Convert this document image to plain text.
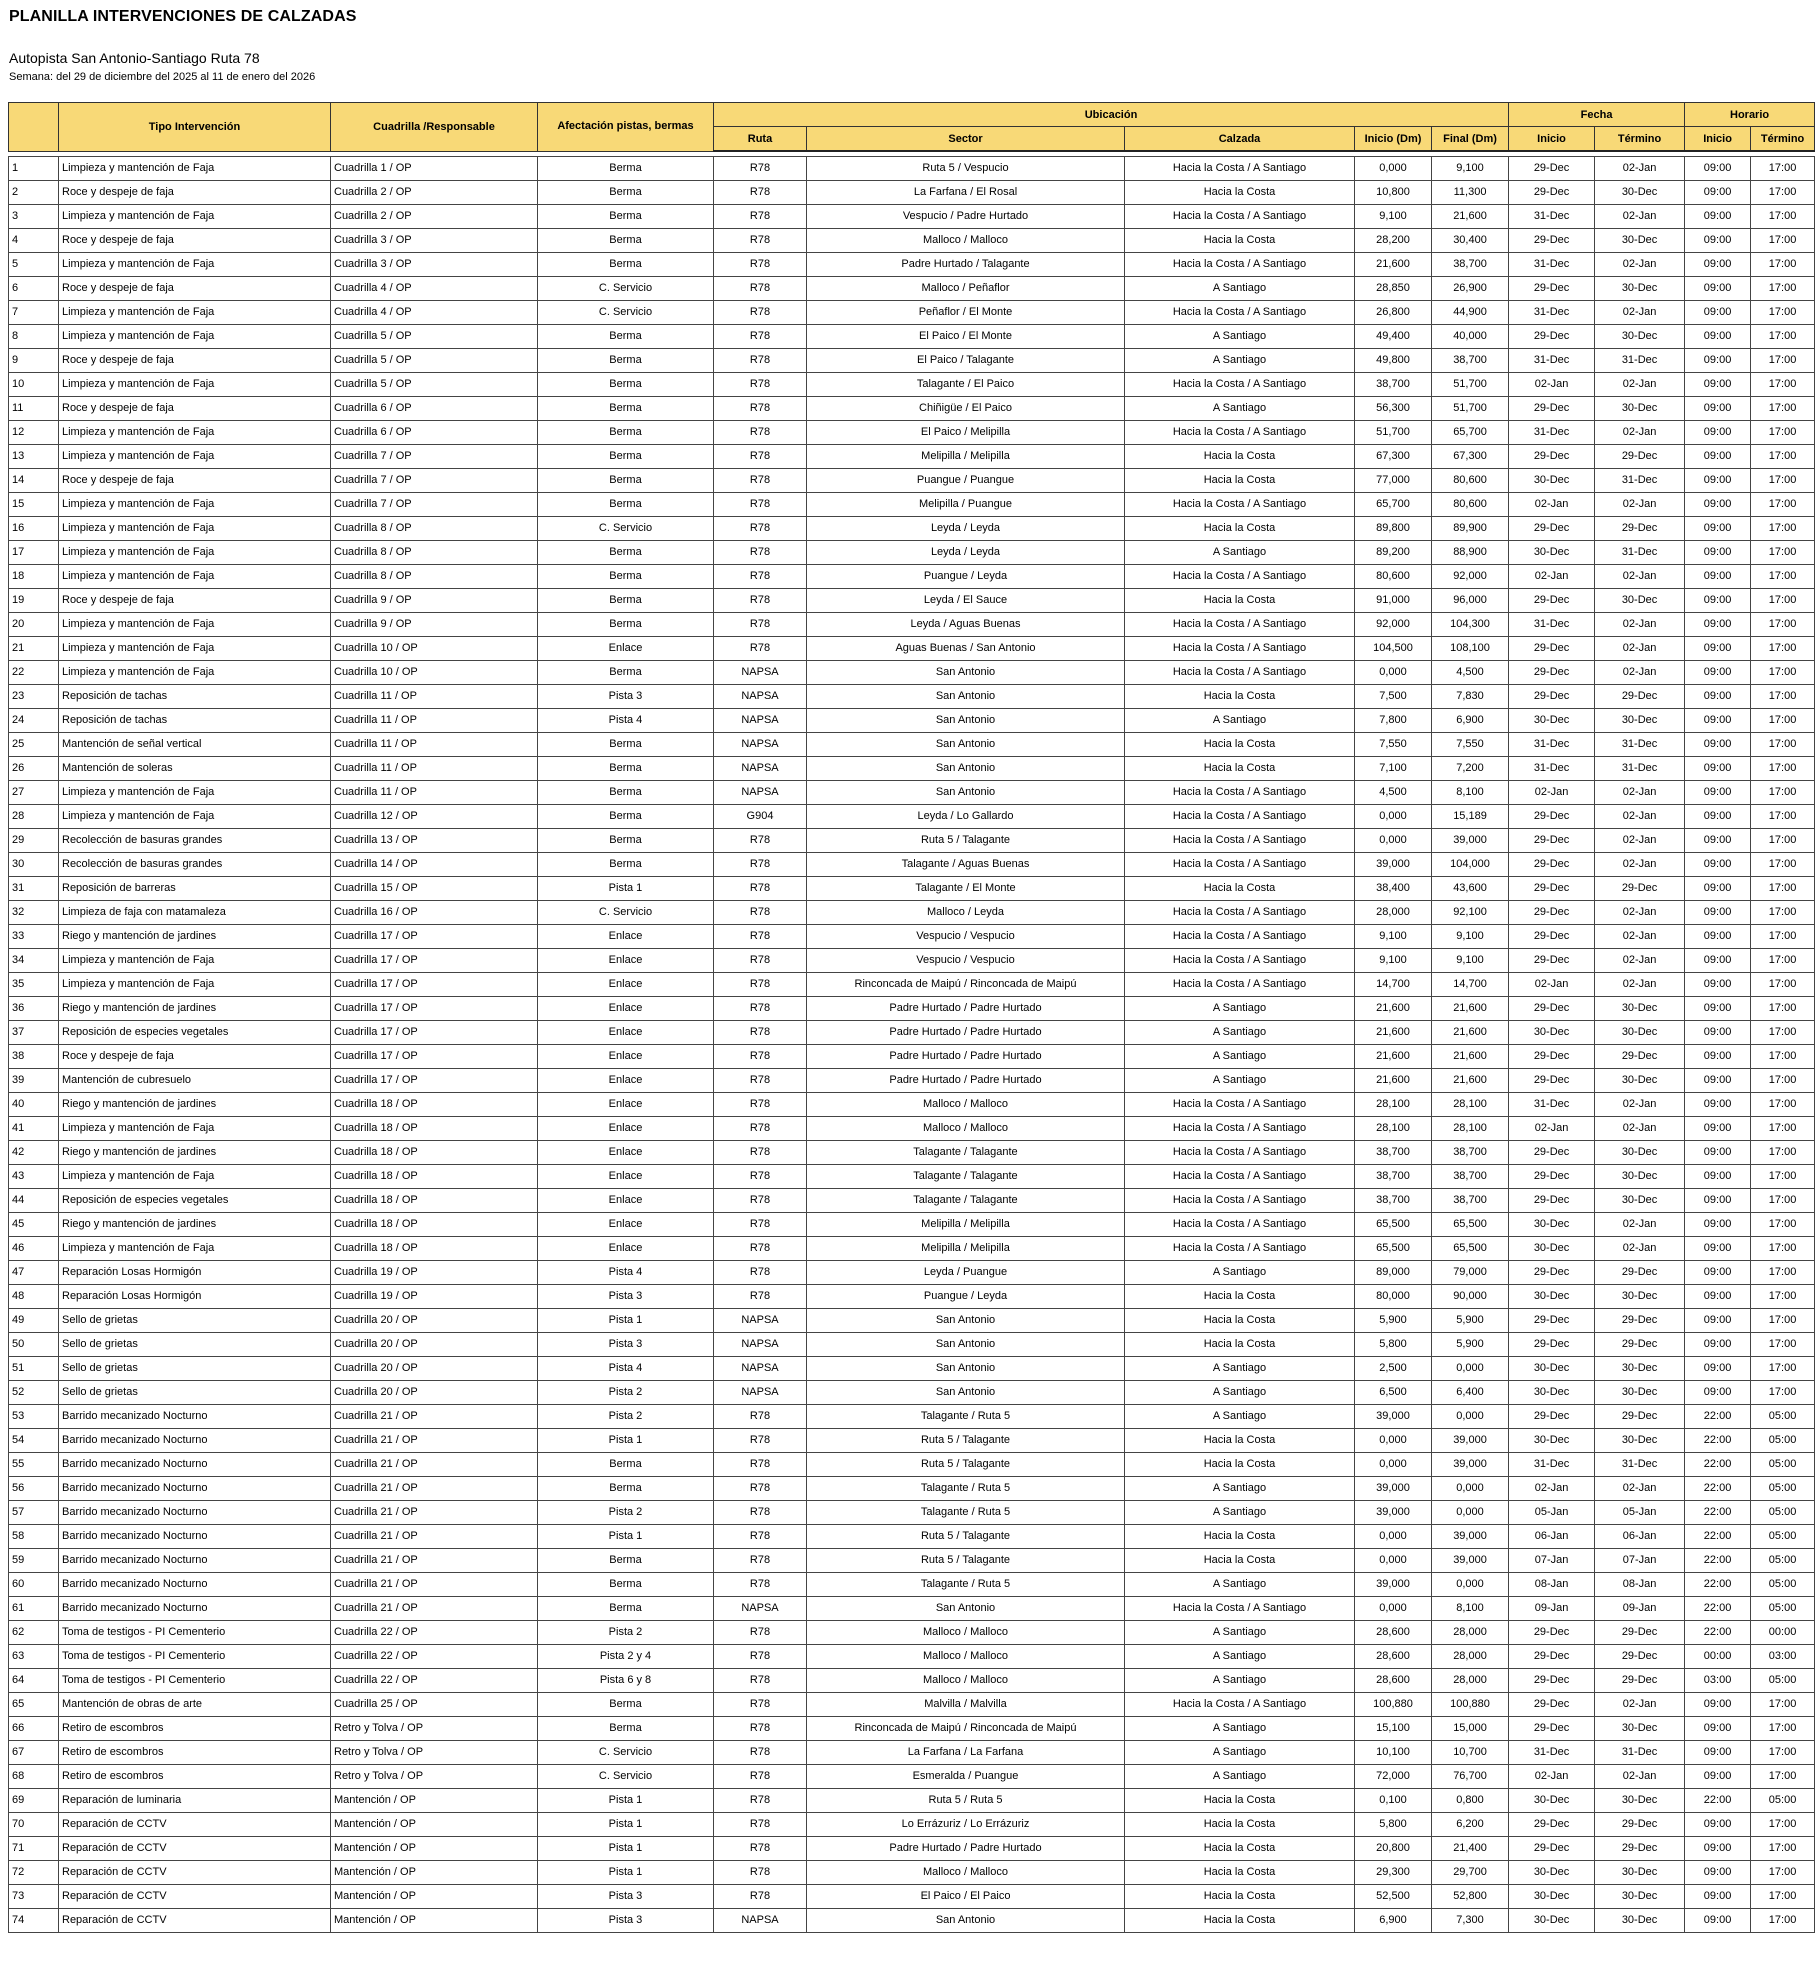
PLANILLA INTERVENCIONES DE CALZADAS
Autopista San Antonio-Santiago Ruta 78
Semana: del 29 de diciembre del 2025 al 11 de enero del 2026
	Tipo Intervención	Cuadrilla /Responsable	Afectación pistas, bermas	Ubicación					Fecha		Horario	
				Ruta	Sector	Calzada	Inicio (Dm)	Final (Dm)	Inicio	Término	Inicio	Término

1	Limpieza y mantención de Faja	Cuadrilla 1 / OP	Berma	R78	Ruta 5 / Vespucio	Hacia la Costa / A Santiago	0,000	9,100	29-Dec	02-Jan	09:00	17:00
2	Roce y despeje de faja	Cuadrilla 2 / OP	Berma	R78	La Farfana / El Rosal	Hacia la Costa	10,800	11,300	29-Dec	30-Dec	09:00	17:00
3	Limpieza y mantención de Faja	Cuadrilla 2 / OP	Berma	R78	Vespucio / Padre Hurtado	Hacia la Costa / A Santiago	9,100	21,600	31-Dec	02-Jan	09:00	17:00
4	Roce y despeje de faja	Cuadrilla 3 / OP	Berma	R78	Malloco / Malloco	Hacia la Costa	28,200	30,400	29-Dec	30-Dec	09:00	17:00
5	Limpieza y mantención de Faja	Cuadrilla 3 / OP	Berma	R78	Padre Hurtado / Talagante	Hacia la Costa / A Santiago	21,600	38,700	31-Dec	02-Jan	09:00	17:00
6	Roce y despeje de faja	Cuadrilla 4 / OP	C. Servicio	R78	Malloco / Peñaflor	A Santiago	28,850	26,900	29-Dec	30-Dec	09:00	17:00
7	Limpieza y mantención de Faja	Cuadrilla 4 / OP	C. Servicio	R78	Peñaflor / El Monte	Hacia la Costa / A Santiago	26,800	44,900	31-Dec	02-Jan	09:00	17:00
8	Limpieza y mantención de Faja	Cuadrilla 5 / OP	Berma	R78	El Paico / El Monte	A Santiago	49,400	40,000	29-Dec	30-Dec	09:00	17:00
9	Roce y despeje de faja	Cuadrilla 5 / OP	Berma	R78	El Paico / Talagante	A Santiago	49,800	38,700	31-Dec	31-Dec	09:00	17:00
10	Limpieza y mantención de Faja	Cuadrilla 5 / OP	Berma	R78	Talagante / El Paico	Hacia la Costa / A Santiago	38,700	51,700	02-Jan	02-Jan	09:00	17:00
11	Roce y despeje de faja	Cuadrilla 6 / OP	Berma	R78	Chiñigüe / El Paico	A Santiago	56,300	51,700	29-Dec	30-Dec	09:00	17:00
12	Limpieza y mantención de Faja	Cuadrilla 6 / OP	Berma	R78	El Paico / Melipilla	Hacia la Costa / A Santiago	51,700	65,700	31-Dec	02-Jan	09:00	17:00
13	Limpieza y mantención de Faja	Cuadrilla 7 / OP	Berma	R78	Melipilla / Melipilla	Hacia la Costa	67,300	67,300	29-Dec	29-Dec	09:00	17:00
14	Roce y despeje de faja	Cuadrilla 7 / OP	Berma	R78	Puangue / Puangue	Hacia la Costa	77,000	80,600	30-Dec	31-Dec	09:00	17:00
15	Limpieza y mantención de Faja	Cuadrilla 7 / OP	Berma	R78	Melipilla / Puangue	Hacia la Costa / A Santiago	65,700	80,600	02-Jan	02-Jan	09:00	17:00
16	Limpieza y mantención de Faja	Cuadrilla 8 / OP	C. Servicio	R78	Leyda / Leyda	Hacia la Costa	89,800	89,900	29-Dec	29-Dec	09:00	17:00
17	Limpieza y mantención de Faja	Cuadrilla 8 / OP	Berma	R78	Leyda / Leyda	A Santiago	89,200	88,900	30-Dec	31-Dec	09:00	17:00
18	Limpieza y mantención de Faja	Cuadrilla 8 / OP	Berma	R78	Puangue / Leyda	Hacia la Costa / A Santiago	80,600	92,000	02-Jan	02-Jan	09:00	17:00
19	Roce y despeje de faja	Cuadrilla 9 / OP	Berma	R78	Leyda / El Sauce	Hacia la Costa	91,000	96,000	29-Dec	30-Dec	09:00	17:00
20	Limpieza y mantención de Faja	Cuadrilla 9 / OP	Berma	R78	Leyda / Aguas Buenas	Hacia la Costa / A Santiago	92,000	104,300	31-Dec	02-Jan	09:00	17:00
21	Limpieza y mantención de Faja	Cuadrilla 10 / OP	Enlace	R78	Aguas Buenas / San Antonio	Hacia la Costa / A Santiago	104,500	108,100	29-Dec	02-Jan	09:00	17:00
22	Limpieza y mantención de Faja	Cuadrilla 10 / OP	Berma	NAPSA	San Antonio	Hacia la Costa / A Santiago	0,000	4,500	29-Dec	02-Jan	09:00	17:00
23	Reposición de tachas	Cuadrilla 11 / OP	Pista 3	NAPSA	San Antonio	Hacia la Costa	7,500	7,830	29-Dec	29-Dec	09:00	17:00
24	Reposición de tachas	Cuadrilla 11 / OP	Pista 4	NAPSA	San Antonio	A Santiago	7,800	6,900	30-Dec	30-Dec	09:00	17:00
25	Mantención de señal vertical	Cuadrilla 11 / OP	Berma	NAPSA	San Antonio	Hacia la Costa	7,550	7,550	31-Dec	31-Dec	09:00	17:00
26	Mantención de soleras	Cuadrilla 11 / OP	Berma	NAPSA	San Antonio	Hacia la Costa	7,100	7,200	31-Dec	31-Dec	09:00	17:00
27	Limpieza y mantención de Faja	Cuadrilla 11 / OP	Berma	NAPSA	San Antonio	Hacia la Costa / A Santiago	4,500	8,100	02-Jan	02-Jan	09:00	17:00
28	Limpieza y mantención de Faja	Cuadrilla 12 / OP	Berma	G904	Leyda / Lo Gallardo	Hacia la Costa / A Santiago	0,000	15,189	29-Dec	02-Jan	09:00	17:00
29	Recolección de basuras grandes	Cuadrilla 13 / OP	Berma	R78	Ruta 5 / Talagante	Hacia la Costa / A Santiago	0,000	39,000	29-Dec	02-Jan	09:00	17:00
30	Recolección de basuras grandes	Cuadrilla 14 / OP	Berma	R78	Talagante / Aguas Buenas	Hacia la Costa / A Santiago	39,000	104,000	29-Dec	02-Jan	09:00	17:00
31	Reposición de barreras	Cuadrilla 15 / OP	Pista 1	R78	Talagante / El Monte	Hacia la Costa	38,400	43,600	29-Dec	29-Dec	09:00	17:00
32	Limpieza de faja con matamaleza	Cuadrilla 16 / OP	C. Servicio	R78	Malloco / Leyda	Hacia la Costa / A Santiago	28,000	92,100	29-Dec	02-Jan	09:00	17:00
33	Riego y mantención de jardines	Cuadrilla 17 / OP	Enlace	R78	Vespucio / Vespucio	Hacia la Costa / A Santiago	9,100	9,100	29-Dec	02-Jan	09:00	17:00
34	Limpieza y mantención de Faja	Cuadrilla 17 / OP	Enlace	R78	Vespucio / Vespucio	Hacia la Costa / A Santiago	9,100	9,100	29-Dec	02-Jan	09:00	17:00
35	Limpieza y mantención de Faja	Cuadrilla 17 / OP	Enlace	R78	Rinconcada de Maipú / Rinconcada de Maipú	Hacia la Costa / A Santiago	14,700	14,700	02-Jan	02-Jan	09:00	17:00
36	Riego y mantención de jardines	Cuadrilla 17 / OP	Enlace	R78	Padre Hurtado / Padre Hurtado	A Santiago	21,600	21,600	29-Dec	30-Dec	09:00	17:00
37	Reposición de especies vegetales	Cuadrilla 17 / OP	Enlace	R78	Padre Hurtado / Padre Hurtado	A Santiago	21,600	21,600	30-Dec	30-Dec	09:00	17:00
38	Roce y despeje de faja	Cuadrilla 17 / OP	Enlace	R78	Padre Hurtado / Padre Hurtado	A Santiago	21,600	21,600	29-Dec	29-Dec	09:00	17:00
39	Mantención de cubresuelo	Cuadrilla 17 / OP	Enlace	R78	Padre Hurtado / Padre Hurtado	A Santiago	21,600	21,600	29-Dec	30-Dec	09:00	17:00
40	Riego y mantención de jardines	Cuadrilla 18 / OP	Enlace	R78	Malloco / Malloco	Hacia la Costa / A Santiago	28,100	28,100	31-Dec	02-Jan	09:00	17:00
41	Limpieza y mantención de Faja	Cuadrilla 18 / OP	Enlace	R78	Malloco / Malloco	Hacia la Costa / A Santiago	28,100	28,100	02-Jan	02-Jan	09:00	17:00
42	Riego y mantención de jardines	Cuadrilla 18 / OP	Enlace	R78	Talagante / Talagante	Hacia la Costa / A Santiago	38,700	38,700	29-Dec	30-Dec	09:00	17:00
43	Limpieza y mantención de Faja	Cuadrilla 18 / OP	Enlace	R78	Talagante / Talagante	Hacia la Costa / A Santiago	38,700	38,700	29-Dec	30-Dec	09:00	17:00
44	Reposición de especies vegetales	Cuadrilla 18 / OP	Enlace	R78	Talagante / Talagante	Hacia la Costa / A Santiago	38,700	38,700	29-Dec	30-Dec	09:00	17:00
45	Riego y mantención de jardines	Cuadrilla 18 / OP	Enlace	R78	Melipilla / Melipilla	Hacia la Costa / A Santiago	65,500	65,500	30-Dec	02-Jan	09:00	17:00
46	Limpieza y mantención de Faja	Cuadrilla 18 / OP	Enlace	R78	Melipilla / Melipilla	Hacia la Costa / A Santiago	65,500	65,500	30-Dec	02-Jan	09:00	17:00
47	Reparación Losas Hormigón	Cuadrilla 19 / OP	Pista 4	R78	Leyda / Puangue	A Santiago	89,000	79,000	29-Dec	29-Dec	09:00	17:00
48	Reparación Losas Hormigón	Cuadrilla 19 / OP	Pista 3	R78	Puangue / Leyda	Hacia la Costa	80,000	90,000	30-Dec	30-Dec	09:00	17:00
49	Sello de grietas	Cuadrilla 20 / OP	Pista 1	NAPSA	San Antonio	Hacia la Costa	5,900	5,900	29-Dec	29-Dec	09:00	17:00
50	Sello de grietas	Cuadrilla 20 / OP	Pista 3	NAPSA	San Antonio	Hacia la Costa	5,800	5,900	29-Dec	29-Dec	09:00	17:00
51	Sello de grietas	Cuadrilla 20 / OP	Pista 4	NAPSA	San Antonio	A Santiago	2,500	0,000	30-Dec	30-Dec	09:00	17:00
52	Sello de grietas	Cuadrilla 20 / OP	Pista 2	NAPSA	San Antonio	A Santiago	6,500	6,400	30-Dec	30-Dec	09:00	17:00
53	Barrido mecanizado Nocturno	Cuadrilla 21 / OP	Pista 2	R78	Talagante / Ruta 5	A Santiago	39,000	0,000	29-Dec	29-Dec	22:00	05:00
54	Barrido mecanizado Nocturno	Cuadrilla 21 / OP	Pista 1	R78	Ruta 5 / Talagante	Hacia la Costa	0,000	39,000	30-Dec	30-Dec	22:00	05:00
55	Barrido mecanizado Nocturno	Cuadrilla 21 / OP	Berma	R78	Ruta 5 / Talagante	Hacia la Costa	0,000	39,000	31-Dec	31-Dec	22:00	05:00
56	Barrido mecanizado Nocturno	Cuadrilla 21 / OP	Berma	R78	Talagante / Ruta 5	A Santiago	39,000	0,000	02-Jan	02-Jan	22:00	05:00
57	Barrido mecanizado Nocturno	Cuadrilla 21 / OP	Pista 2	R78	Talagante / Ruta 5	A Santiago	39,000	0,000	05-Jan	05-Jan	22:00	05:00
58	Barrido mecanizado Nocturno	Cuadrilla 21 / OP	Pista 1	R78	Ruta 5 / Talagante	Hacia la Costa	0,000	39,000	06-Jan	06-Jan	22:00	05:00
59	Barrido mecanizado Nocturno	Cuadrilla 21 / OP	Berma	R78	Ruta 5 / Talagante	Hacia la Costa	0,000	39,000	07-Jan	07-Jan	22:00	05:00
60	Barrido mecanizado Nocturno	Cuadrilla 21 / OP	Berma	R78	Talagante / Ruta 5	A Santiago	39,000	0,000	08-Jan	08-Jan	22:00	05:00
61	Barrido mecanizado Nocturno	Cuadrilla 21 / OP	Berma	NAPSA	San Antonio	Hacia la Costa / A Santiago	0,000	8,100	09-Jan	09-Jan	22:00	05:00
62	Toma de testigos - PI Cementerio	Cuadrilla 22 / OP	Pista 2	R78	Malloco / Malloco	A Santiago	28,600	28,000	29-Dec	29-Dec	22:00	00:00
63	Toma de testigos - PI Cementerio	Cuadrilla 22 / OP	Pista 2 y 4	R78	Malloco / Malloco	A Santiago	28,600	28,000	29-Dec	29-Dec	00:00	03:00
64	Toma de testigos - PI Cementerio	Cuadrilla 22 / OP	Pista 6 y 8	R78	Malloco / Malloco	A Santiago	28,600	28,000	29-Dec	29-Dec	03:00	05:00
65	Mantención de obras de arte	Cuadrilla 25 / OP	Berma	R78	Malvilla / Malvilla	Hacia la Costa / A Santiago	100,880	100,880	29-Dec	02-Jan	09:00	17:00
66	Retiro de escombros	Retro y Tolva / OP	Berma	R78	Rinconcada de Maipú / Rinconcada de Maipú	A Santiago	15,100	15,000	29-Dec	30-Dec	09:00	17:00
67	Retiro de escombros	Retro y Tolva / OP	C. Servicio	R78	La Farfana / La Farfana	A Santiago	10,100	10,700	31-Dec	31-Dec	09:00	17:00
68	Retiro de escombros	Retro y Tolva / OP	C. Servicio	R78	Esmeralda / Puangue	A Santiago	72,000	76,700	02-Jan	02-Jan	09:00	17:00
69	Reparación de luminaria	Mantención / OP	Pista 1	R78	Ruta 5 / Ruta 5	Hacia la Costa	0,100	0,800	30-Dec	30-Dec	22:00	05:00
70	Reparación de CCTV	Mantención / OP	Pista 1	R78	Lo Errázuriz / Lo Errázuriz	Hacia la Costa	5,800	6,200	29-Dec	29-Dec	09:00	17:00
71	Reparación de CCTV	Mantención / OP	Pista 1	R78	Padre Hurtado / Padre Hurtado	Hacia la Costa	20,800	21,400	29-Dec	29-Dec	09:00	17:00
72	Reparación de CCTV	Mantención / OP	Pista 1	R78	Malloco / Malloco	Hacia la Costa	29,300	29,700	30-Dec	30-Dec	09:00	17:00
73	Reparación de CCTV	Mantención / OP	Pista 3	R78	El Paico / El Paico	Hacia la Costa	52,500	52,800	30-Dec	30-Dec	09:00	17:00
74	Reparación de CCTV	Mantención / OP	Pista 3	NAPSA	San Antonio	Hacia la Costa	6,900	7,300	30-Dec	30-Dec	09:00	17:00
